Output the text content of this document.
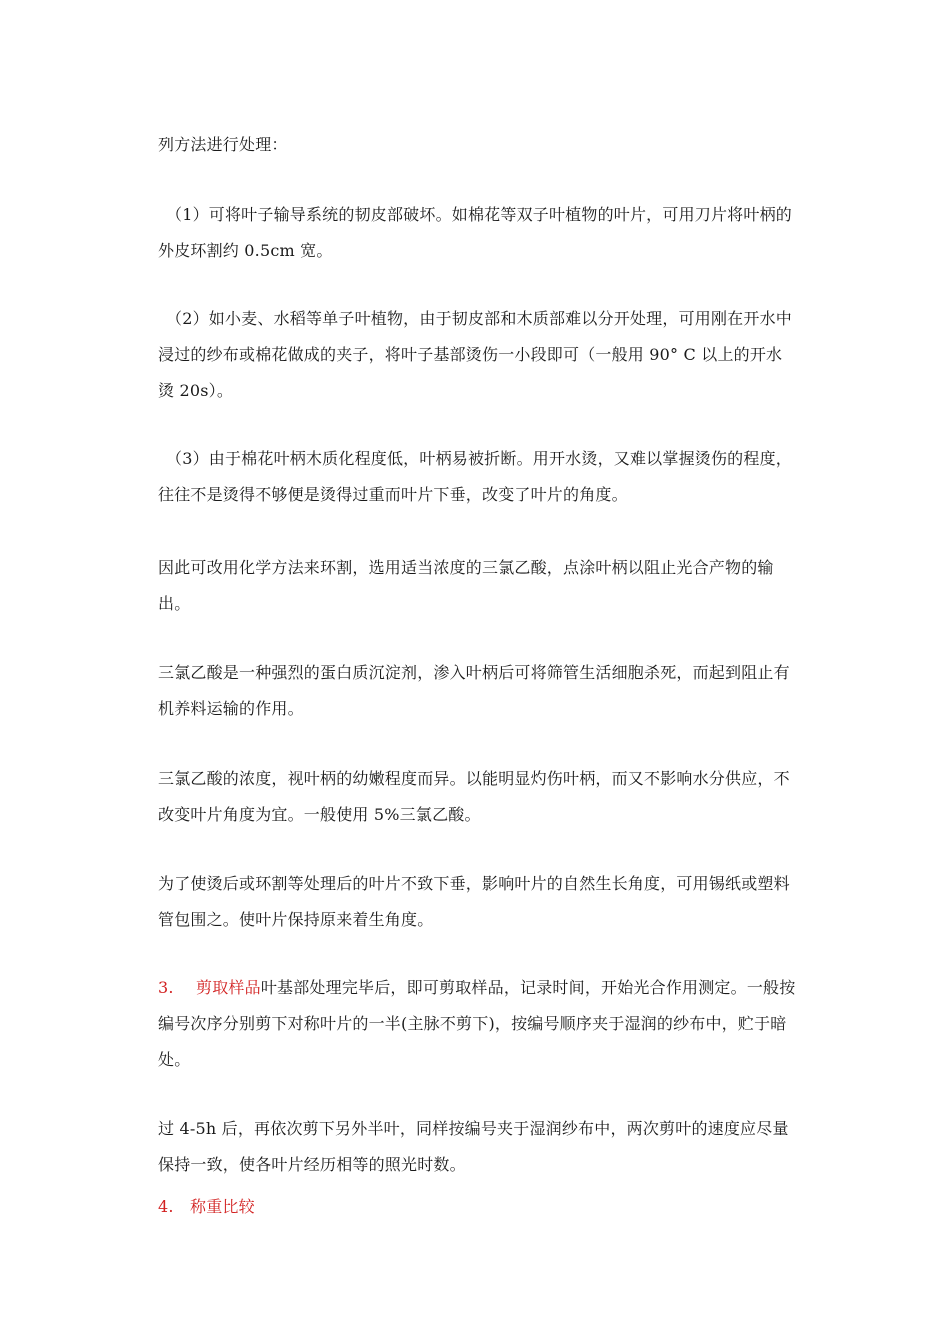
列方法进行处理：

（1）可将叶子输导系统的韧皮部破坏。如棉花等双子叶植物的叶片，可用刀片将叶柄的外皮环割约 0.5cm 宽。

（2）如小麦、水稻等单子叶植物，由于韧皮部和木质部难以分开处理，可用刚在开水中浸过的纱布或棉花做成的夹子，将叶子基部烫伤一小段即可（一般用 90° C 以上的开水烫 20s）。

（3）由于棉花叶柄木质化程度低，叶柄易被折断。用开水烫，又难以掌握烫伤的程度，往往不是烫得不够便是烫得过重而叶片下垂，改变了叶片的角度。

因此可改用化学方法来环割，选用适当浓度的三氯乙酸，点涂叶柄以阻止光合产物的输出。

三氯乙酸是一种强烈的蛋白质沉淀剂，渗入叶柄后可将筛管生活细胞杀死，而起到阻止有机养料运输的作用。

三氯乙酸的浓度，视叶柄的幼嫩程度而异。以能明显灼伤叶柄，而又不影响水分供应，不改变叶片角度为宜。一般使用 5%三氯乙酸。

为了使烫后或环割等处理后的叶片不致下垂，影响叶片的自然生长角度，可用锡纸或塑料管包围之。使叶片保持原来着生角度。

3. 剪取样品叶基部处理完毕后，即可剪取样品，记录时间，开始光合作用测定。一般按编号次序分别剪下对称叶片的一半(主脉不剪下)，按编号顺序夹于湿润的纱布中，贮于暗处。

过 4-5h 后，再依次剪下另外半叶，同样按编号夹于湿润纱布中，两次剪叶的速度应尽量保持一致，使各叶片经历相等的照光时数。

4. 称重比较
